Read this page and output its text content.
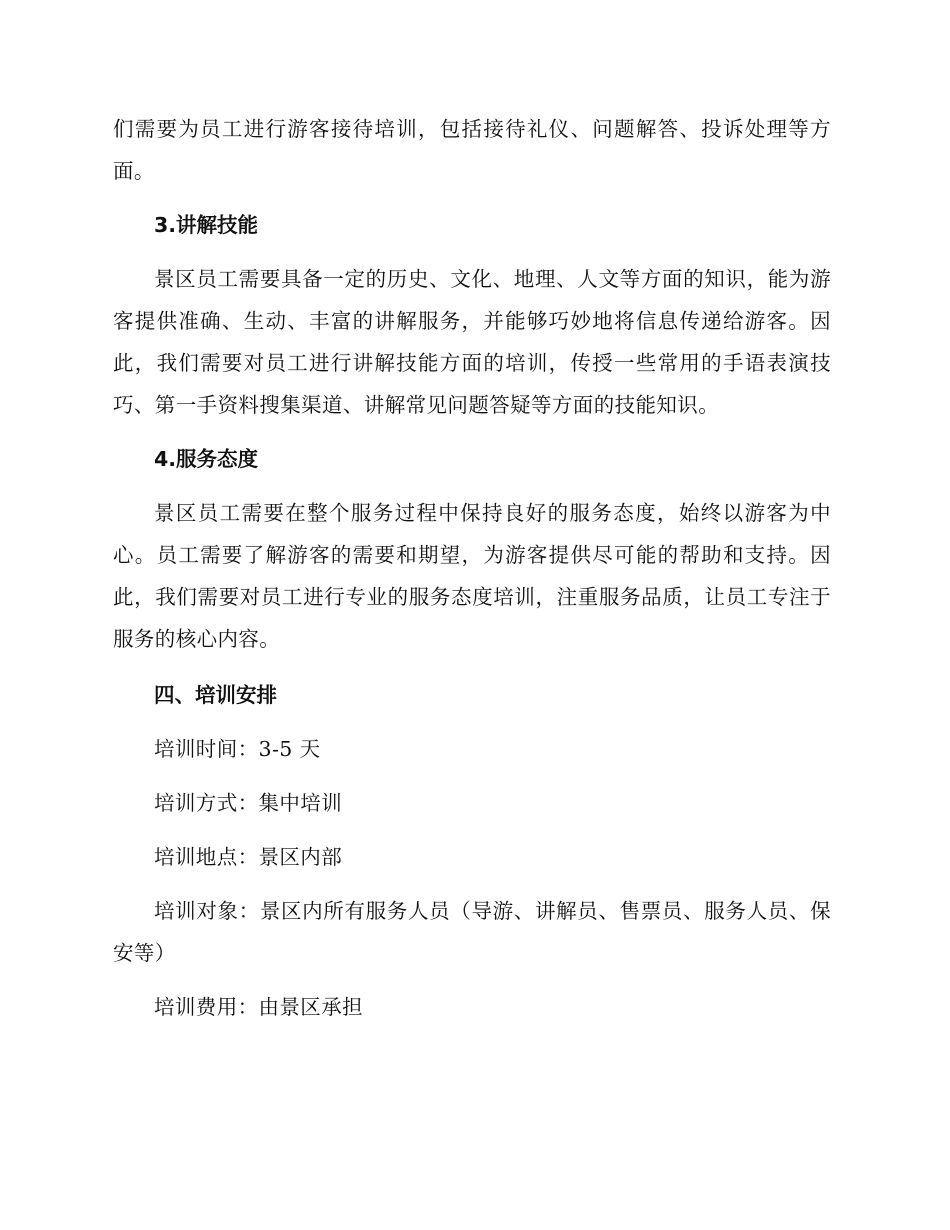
们需要为员工进行游客接待培训，包括接待礼仪、问题解答、投诉处理等方面。

3.讲解技能

景区员工需要具备一定的历史、文化、地理、人文等方面的知识，能为游客提供准确、生动、丰富的讲解服务，并能够巧妙地将信息传递给游客。因此，我们需要对员工进行讲解技能方面的培训，传授一些常用的手语表演技巧、第一手资料搜集渠道、讲解常见问题答疑等方面的技能知识。

4.服务态度

景区员工需要在整个服务过程中保持良好的服务态度，始终以游客为中心。员工需要了解游客的需要和期望，为游客提供尽可能的帮助和支持。因此，我们需要对员工进行专业的服务态度培训，注重服务品质，让员工专注于服务的核心内容。

四、培训安排

培训时间：3-5 天

培训方式：集中培训

培训地点：景区内部

培训对象：景区内所有服务人员（导游、讲解员、售票员、服务人员、保安等）

培训费用：由景区承担
